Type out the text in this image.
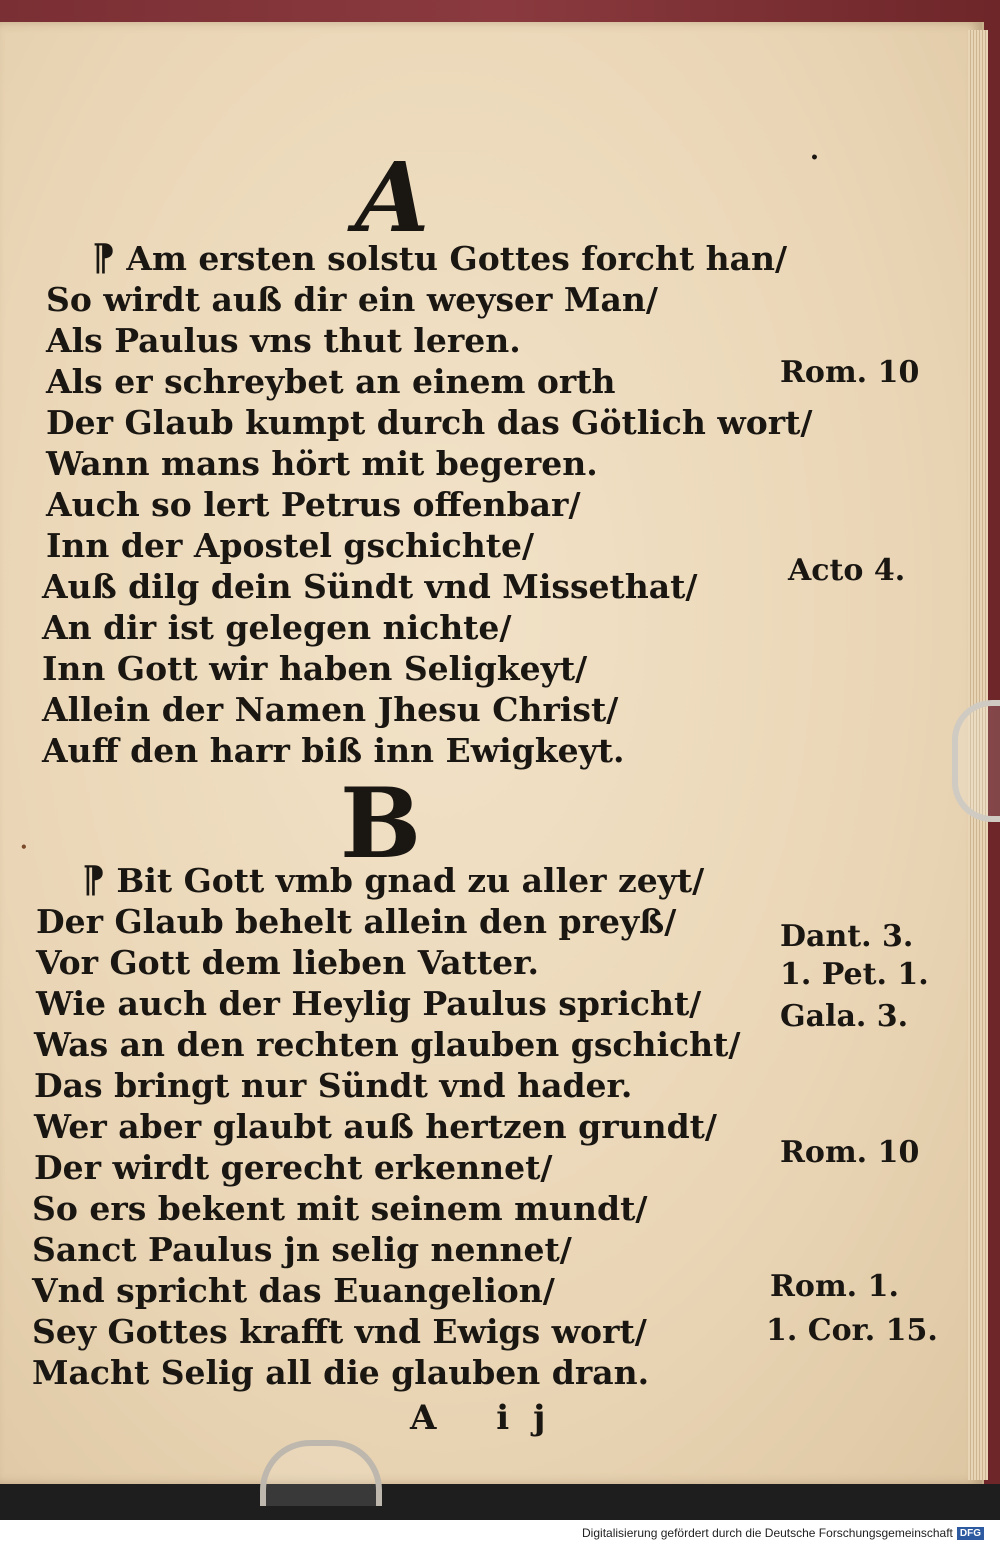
•
•
A
⁋ Am ersten solstu Gottes forcht han/
So wirdt auß dir ein weyser Man/
Als Paulus vns thut leren.
Als er schreybet an einem orth
Der Glaub kumpt durch das Götlich wort/
Wann mans hört mit begeren.
Auch so lert Petrus offenbar/
Inn der Apostel gschichte/
Auß dilg dein Sündt vnd Missethat/
An dir ist gelegen nichte/
Inn Gott wir haben Seligkeyt/
Allein der Namen Jhesu Christ/
Auff den harr biß inn Ewigkeyt.
B
⁋ Bit Gott vmb gnad zu aller zeyt/
Der Glaub behelt allein den preyß/
Vor Gott dem lieben Vatter.
Wie auch der Heylig Paulus spricht/
Was an den rechten glauben gschicht/
Das bringt nur Sündt vnd hader.
Wer aber glaubt auß hertzen grundt/
Der wirdt gerecht erkennet/
So ers bekent mit seinem mundt/
Sanct Paulus jn selig nennet/
Vnd spricht das Euangelion/
Sey Gottes krafft vnd Ewigs wort/
Macht Selig all die glauben dran.
Rom. 10
Acto 4.
Dant. 3.
1. Pet. 1.
Gala. 3.
Rom. 10
Rom. 1.
1. Cor. 15.
A ij
Digitalisierung gefördert durch die Deutsche Forschungsgemeinschaft DFG
